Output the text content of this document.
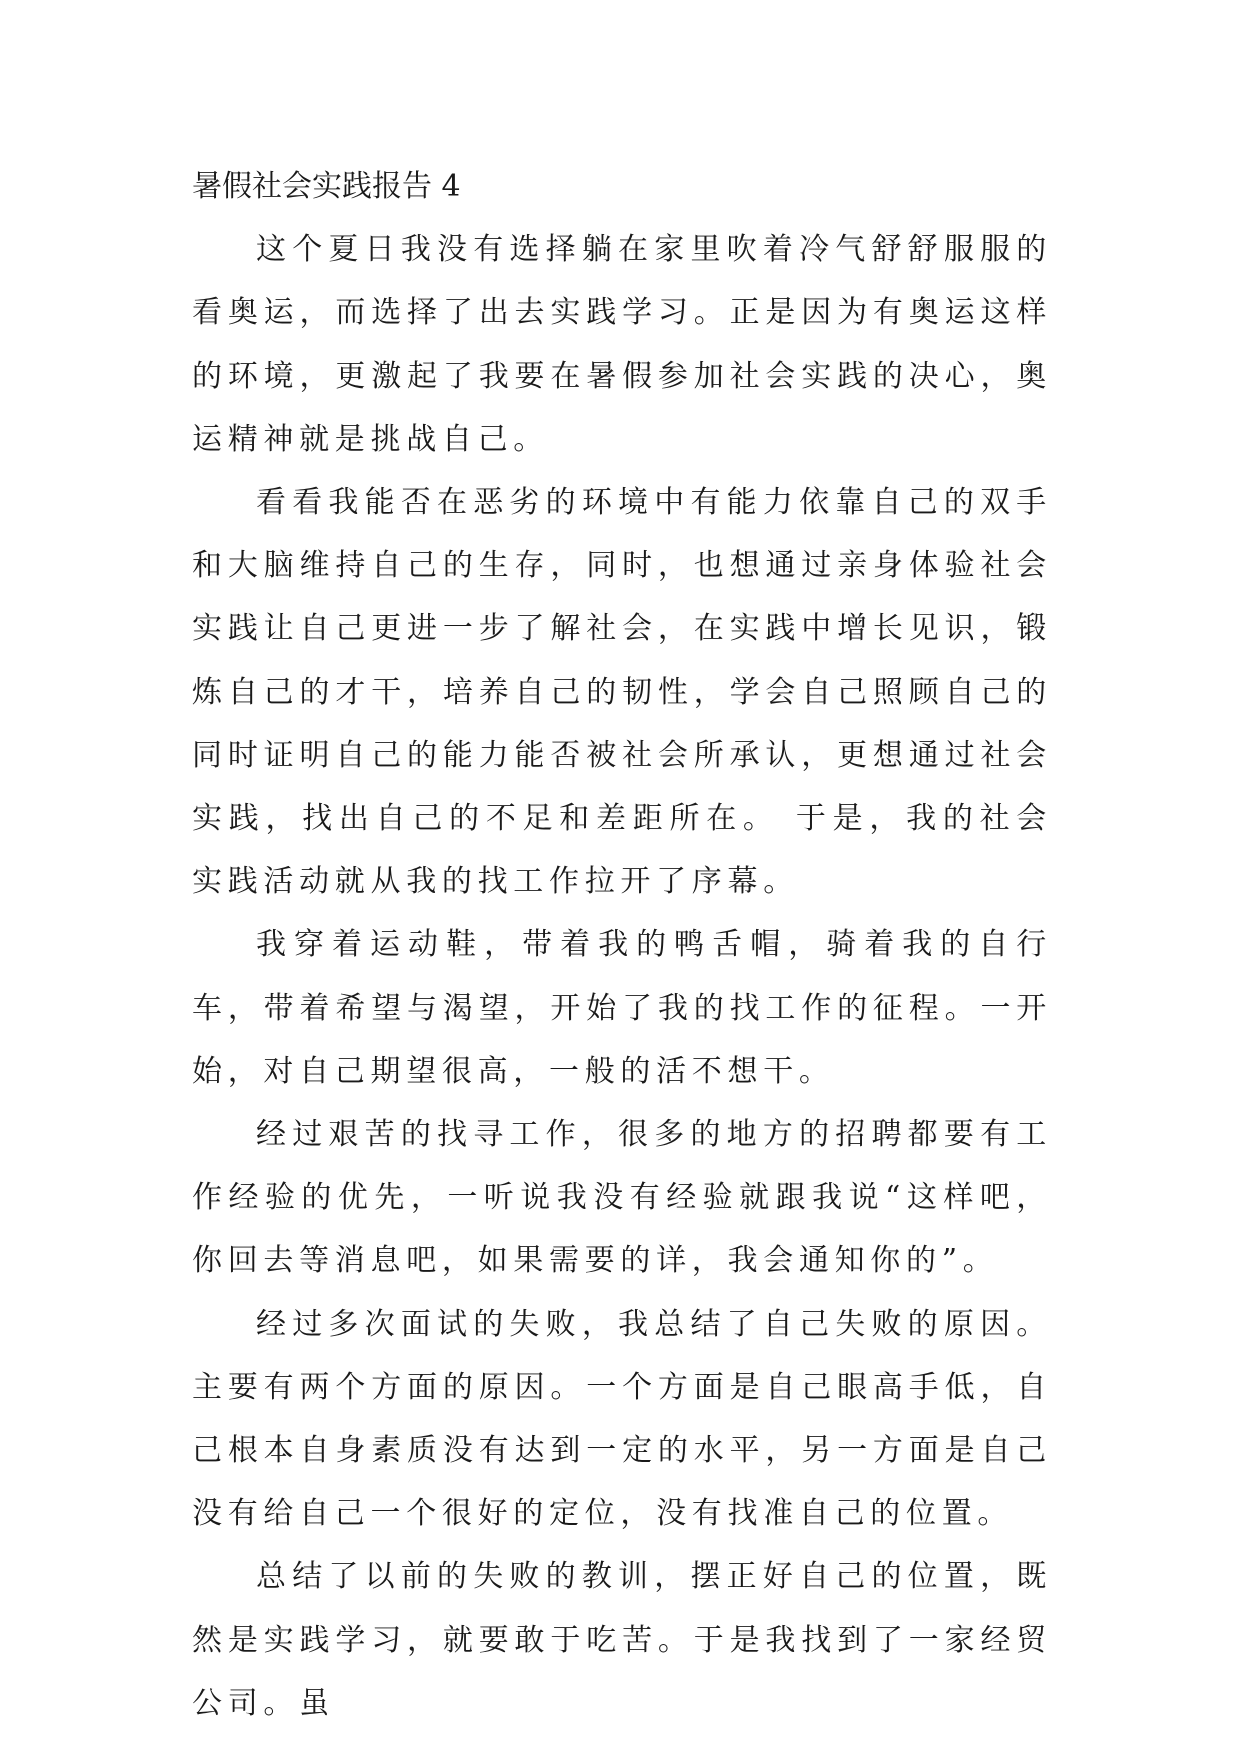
暑假社会实践报告 4

这个夏日我没有选择躺在家里吹着冷气舒舒服服的看奥运，而选择了出去实践学习。正是因为有奥运这样的环境，更激起了我要在暑假参加社会实践的决心，奥运精神就是挑战自己。

看看我能否在恶劣的环境中有能力依靠自己的双手和大脑维持自己的生存，同时，也想通过亲身体验社会实践让自己更进一步了解社会，在实践中增长见识，锻炼自己的才干，培养自己的韧性，学会自己照顾自己的同时证明自己的能力能否被社会所承认，更想通过社会实践，找出自己的不足和差距所在。 于是，我的社会实践活动就从我的找工作拉开了序幕。

我穿着运动鞋，带着我的鸭舌帽，骑着我的自行车，带着希望与渴望，开始了我的找工作的征程。一开始，对自己期望很高，一般的活不想干。

经过艰苦的找寻工作，很多的地方的招聘都要有工作经验的优先，一听说我没有经验就跟我说“这样吧，你回去等消息吧，如果需要的详，我会通知你的”。

经过多次面试的失败，我总结了自己失败的原因。主要有两个方面的原因。一个方面是自己眼高手低，自己根本自身素质没有达到一定的水平，另一方面是自己没有给自己一个很好的定位，没有找准自己的位置。

总结了以前的失败的教训，摆正好自己的位置，既然是实践学习，就要敢于吃苦。于是我找到了一家经贸公司。虽
